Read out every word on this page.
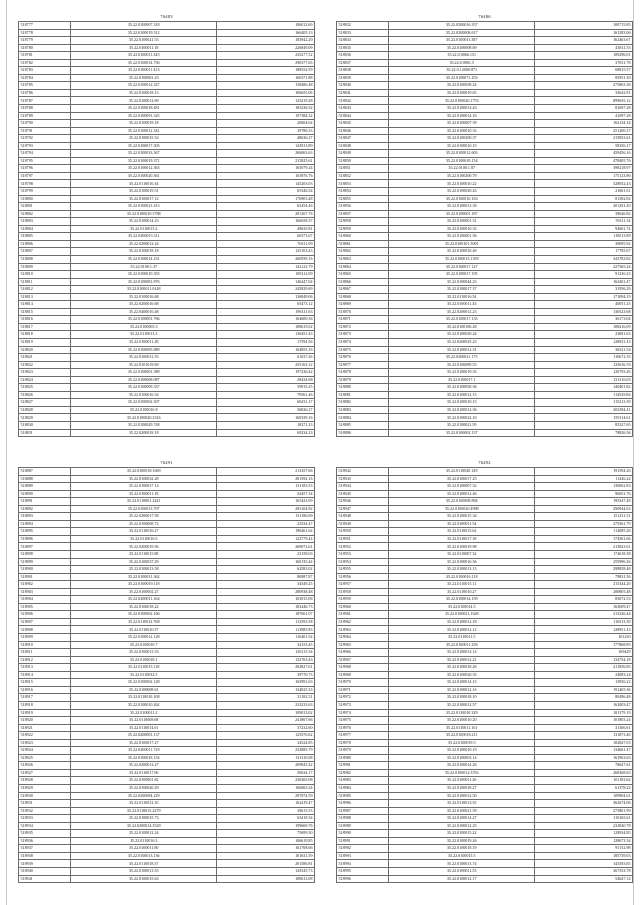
76483
518777	35.22.0100007.318	106012.69
518778	35.22.0100019.512	166405.13
518779	35.22.0100021.53	183942.29
518780	35.22.0100011.18	226849.09
518781	35.22.0100011.345	235277.52
518782	35.22.0100014.756	290377.65
518783	35.22.0100011.413	188552.59
518784	35.22.0100081.23	160371.88
518785	35.22.0100012.327	158486.48
518786	35.22.0100018.13	106655.06
518787	35.22.0100012.69	125419.28
518788	35.22.0100018.481	185236.52
518789	35.22.0100091.325	197384.32
518790	35.22.0100019.18	20604.64
518791	35.22.0100012.341	39786.33
518792	35.22.0100015.52	48636.27
518793	35.22.0100017.303	143913.89
518794	35.22.0100033.367	206063.63
518795	35.22.0100019.371	215825.61
518796	35.22.0100012.363	165079.24
518797	35.22.0100020.361	163976.76
518798	35.22.0110016.34	145203.03
518799	35.22.0100019.51	65346.54
518800	35.22.0100017.12	176903.48
518801	35.22.0100021.413	63454.46
518802	35.22.0100010.3788	281267.76
518803	35.22.0100014.23	166658.37
518804	35.22.0110015.2	49635.81
518805	35.22.0200015.311	60373.67
518806	35.22.0200012.24	76311.09
518807	35.22.0100018.18	125163.43
518808	35.22.0100014.231	260939.16
518809	35.22.0100.1.37	142122.79
518810	35.22.0100010.355	109112.09
518811	35.22.0100081.876	146447.04
518812	35.22.0100011.0148	245829.69
518813	35.22.0100016.68	136849.06
518814	35.22.0200016.68	65473.12
518815	35.22.0400016.48	196311.63
518816	35.22.0100001.766	164600.36
518817	35.22.0100003.3	108619.02
518818	35.22.0110013.3	136451.43
518819	35.22.0100011.28	17594.56
518820	35.22.0100085.889	164855.16
518821	35.22.0100031.55	61037.26
518822	35.22.0101019.69	255163.12
518823	35.22.0100001.389	197236.42
518824	35.22.0100008.087	28434.68
518825	35.22.0100009.337	59915.25
518826	35.22.0100016.54	79561.46
518827	35.22.0100002.307	60431.17
518828	35.22.0100016.8	36826.27
518829	35.22.0100020.2316	160339.16
518830	35.22.0100029.748	18371.23
518831	35.22.0200018.18	69234.23
76486
518832	35.22.0200016.357	100715.85
518833	35.22.0200008.617	161283.06
518834	35.22.0100011.387	162463.67
518835	35.22.0100008.69	43811.53
518836	35.22.0.0066.151	109296.01
518837	35.22.0.0061.5	37031.78
518838	35.22.0.12000.871	68815.57
518839	35.22.0100071.253	85951.39
518840	35.22.0100058.24	275863.38
518841	35.22.0100019.65	33642.91
518842	35.22.0100020.1753	899635.12
518843	35.22.0100013.43	81697.28
518844	35.22.0100014.16	41097.28
518845	35.22.0100007.39	162134.34
518846	35.22.0100010.33	251206.37
518847	35.22.0100200.37	215853.61
518848	35.22.0100010.15	58356.17
518849	35.22.0100012.603	459456.16
518850	35.22.0100010.154	478405.76
518851	35.22.0100.1.87	398218.97
518852	35.22.0100200.79	175123.86
518853	35.22.0100010.22	528052.43
518854	35.22.0100020.43	21661.61
518855	35.22.0100010.163	81582.82
518856	35.22.0100013.39	201291.20
518857	35.22.0100001.187	39646.82
518858	35.22.0100001.31	76311.34
518859	35.22.0100010.33	94601.74
518860	35.22.0100001.56	118513.89
518861	35.22.0100101.3001	39695.92
518862	35.22.0100016.46	17785.67
518863	35.22.0100015.1359	343783.82
518864	35.22.0100017.127	227565.24
518865	35.22.0100017.195	91236.23
518866	35.22.0100044.23	163401.47
518867	35.22.0100017.37	31956.29
518868	35.22.0110016.54	171094.19
518869	35.22.0100011.43	40051.25
518870	35.22.0200012.23	130523.68
518871	35.22.0100017.133	36173.04
518872	35.22.0100186.28	108416.09
518873	35.22.0100020.24	23691.63
518874	35.22.0200025.23	128931.43
518875	35.22.0100012.31	36521.54
518876	35.22.0200021.175	110672.35
518877	35.22.0100089.53	125616.76
518878	35.22.0100019.33	126793.26
518879	35.22.0100017.1	131316.03
518880	35.22.0100050.36	140401.82
518881	35.22.0100012.15	114529.84
518882	35.22.0100010.15	115213.39
518883	35.22.0100012.36	202394.41
518884	35.22.0100022.10	159114.61
518885	35.22.0100021.95	85327.65
518886	35.22.0100002.137	78826.56
76491
518887	35.22.0100018.1669	213357.66
518888	35.22.0100032.28	281592.16
518889	35.22.0100017.14	131183.53
518890	35.22.0100011.18	54457.34
518891	35.22.0110001.2241	165423.09
518892	35.22.0100013.707	283104.82
518893	35.22.0200017.58	131186.69
518894	35.22.0100008.72	23534.47
518895	35.22.0110016.27	196461.64
518896	35.22.0110016.5	122779.44
518897	35.22.0200019.56	269072.61
518898	35.22.0110015.88	23158.03
518899	35.22.0100037.29	160135.44
518900	35.22.0100013.58	62583.02
518901	35.22.0100031.362	86987.87
518902	35.22.0100019.118	34349.25
518903	35.22.0100002.27	280938.48
518904	35.22.0200011.164	103915.06
518905	35.22.0100018.22	183446.73
518906	35.22.0100002.166	187601.07
518907	35.22.0110012.768	113593.58
518908	35.22.0110010.37	113985.83
518909	35.22.0100012.128	116401.54
518910	35.22.0100010.7	34153.45
518911	35.22.0100013.33	126115.54
518912	35.22.0100018.1	132763.43
518913	35.22.0110015.118	202827.61
518914	35.22.0110032.5	39770.73
518915	35.22.0100002.128	163991.63
518916	35.22.0100008.61	134025.33
518917	35.22.0110010.108	31182.51
518918	35.22.0100010.262	233233.63
518919	35.22.0100011.2	109013.02
518920	35.22.0110008.68	241867.66
518921	35.22.0110014.61	37232.60
518922	35.22.0200001.137	125576.62
518923	35.22.0100017.27	34524.85
518924	35.22.0200011.729	232885.79
518925	35.22.0100018.154	131310.08
518926	35.22.0200012.27	209845.42
518927	35.22.0110017.06	50634.17
518928	35.22.0100001.82	230365.08
518929	35.22.0100020.29	166065.24
518930	35.22.0200084.229	297074.59
518931	35.22.0110012.10	162419.47
518932	35.22.0110015.2279	39613.53
518933	35.22.0100015.73	63418.34
518934	35.22.0200014.3529	199669.76
518935	35.22.0100012.24	75699.30
518936	35.22.0110016.3	106619.85
518937	35.22.0100011.80	161708.66
518938	35.22.0100013.136	181631.59
518939	35.22.0110018.37	201586.81
518940	35.22.0100013.55	143545.73
518941	35.22.0100015.63	180613.08
76492
518942	35.22.0110020.149	191594.26
518943	35.22.0100017.25	11426.24
518944	35.22.0100007.52	130062.83
518945	35.22.0100012.46	96051.76
518946	35.22.0100008.894	195347.48
518947	35.22.0100020.4998	290944.63
518948	35.22.0100015.34	151231.51
518949	35.22.0100011.54	275561.79
518950	35.22.0110015.62	114085.26
518951	35.22.0110017.18	174561.66
518952	35.22.0100019.98	215823.61
518953	35.22.0110007.32	174618.38
518954	35.22.0100016.36	255996.26
518955	35.22.0100013.13	298858.48
518956	35.22.0100016.118	79831.56
518957	35.22.0110015.11	215344.20
518958	35.22.0110010.27	200805.48
518959	35.22.0100014.159	83072.53
518960	35.22.0100014.5	163009.47
518961	35.22.0100021.1628	213326.44
518962	35.22.0100012.18	116513.39
518963	35.22.0100012.12	128951.43
518964	35.22.0110011.5	101230
518965	35.22.0100011.258	177868.85
518966	35.22.0100013.14	169429
518967	35.22.0100012.21	134754.18
518968	35.22.0100018.26	211856.85
518969	35.22.0100020.35	24083.24
518970	35.22.0100014.13	13956.22
518971	35.22.0100012.16	191465.36
518972	35.22.0100018.10	80496.48
518973	35.22.0100012.57	162003.47
518974	35.22.0110010.329	101379.19
518975	35.22.0100010.20	101803.24
518976	35.22.0110011.161	31306.61
518977	35.22.0100018.211	131873.46
518978	35.22.0100019.5	102847.03
518979	35.22.0100010.19	134661.47
518980	35.22.0100003.14	161963.63
518981	35.22.0100014.26	78627.61
518982	35.22.0100012.3763	268368.65
518983	35.22.0100011.26	101183.62
518984	35.22.0100018.27	61378.22
518985	35.22.0100012.50	109904.61
518986	35.22.0110013.35	362674.06
518987	35.22.0100021.59	273801.99
518988	35.22.0100014.27	110165.61
518989	35.22.0100012.25	232840.78
518990	35.22.0100015.22	128934.85
518991	35.22.0100019.26	128673.34
518992	35.22.0100018.19	91152.98
518993	35.22.0100015.5	185739.03
518994	35.22.0100013.74	143393.85
518995	35.22.0100011.53	367553.78
518996	35.22.0100012.17	54647.14
